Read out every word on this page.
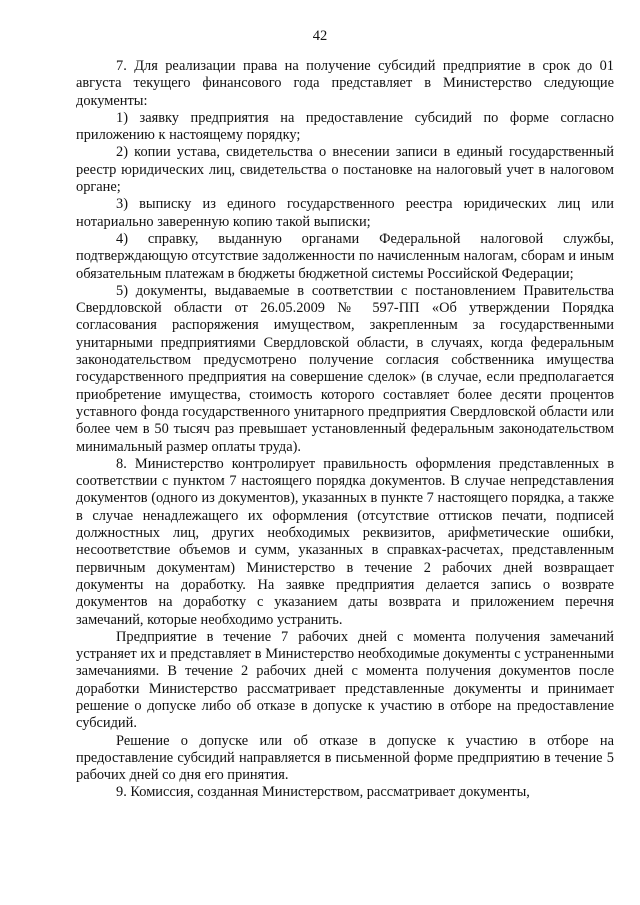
42

7. Для реализации права на получение субсидий предприятие в срок до 01 августа текущего финансового года представляет в Министерство следующие документы:

1) заявку предприятия на предоставление субсидий по форме согласно приложению к настоящему порядку;

2) копии устава, свидетельства о внесении записи в единый государственный реестр юридических лиц, свидетельства о постановке на налоговый учет в налоговом органе;

3) выписку из единого государственного реестра юридических лиц или нотариально заверенную копию такой выписки;

4) справку, выданную органами Федеральной налоговой службы, подтверждающую отсутствие задолженности по начисленным налогам, сборам и иным обязательным платежам в бюджеты бюджетной системы Российской Федерации;

5) документы, выдаваемые в соответствии с постановлением Правительства Свердловской области от 26.05.2009 № 597-ПП «Об утверждении Порядка согласования распоряжения имуществом, закрепленным за государственными унитарными предприятиями Свердловской области, в случаях, когда федеральным законодательством предусмотрено получение согласия собственника имущества государственного предприятия на совершение сделок» (в случае, если предполагается приобретение имущества, стоимость которого составляет более десяти процентов уставного фонда государственного унитарного предприятия Свердловской области или более чем в 50 тысяч раз превышает установленный федеральным законодательством минимальный размер оплаты труда).

8. Министерство контролирует правильность оформления представленных в соответствии с пунктом 7 настоящего порядка документов. В случае непредставления документов (одного из документов), указанных в пункте 7 настоящего порядка, а также в случае ненадлежащего их оформления (отсутствие оттисков печати, подписей должностных лиц, других необходимых реквизитов, арифметические ошибки, несоответствие объемов и сумм, указанных в справках-расчетах, представленным первичным документам) Министерство в течение 2 рабочих дней возвращает документы на доработку. На заявке предприятия делается запись о возврате документов на доработку с указанием даты возврата и приложением перечня замечаний, которые необходимо устранить.

Предприятие в течение 7 рабочих дней с момента получения замечаний устраняет их и представляет в Министерство необходимые документы с устраненными замечаниями. В течение 2 рабочих дней с момента получения документов после доработки Министерство рассматривает представленные документы и принимает решение о допуске либо об отказе в допуске к участию в отборе на предоставление субсидий.

Решение о допуске или об отказе в допуске к участию в отборе на предоставление субсидий направляется в письменной форме предприятию в течение 5 рабочих дней со дня его принятия.

9. Комиссия, созданная Министерством, рассматривает документы,
